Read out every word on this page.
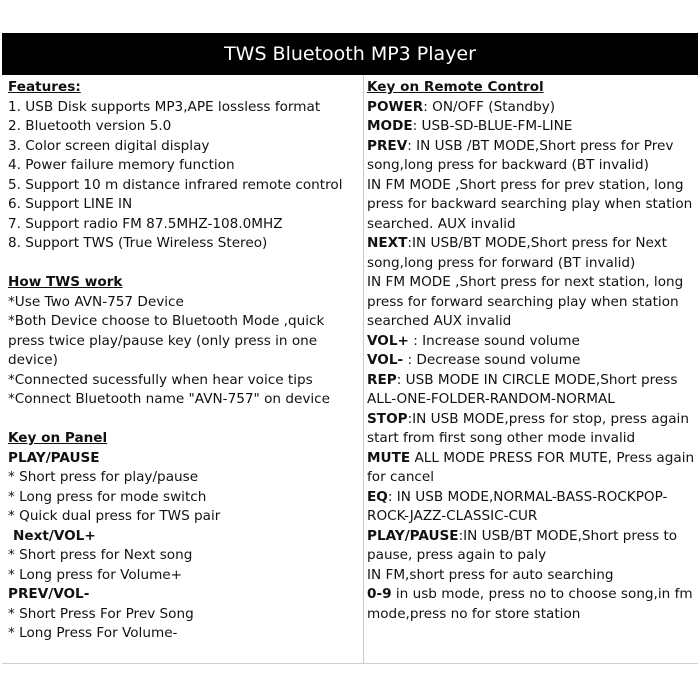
TWS Bluetooth MP3 Player
Features:
1. USB Disk supports MP3,APE lossless format
2. Bluetooth version 5.0
3. Color screen digital display
4. Power failure memory function
5. Support 10 m distance infrared remote control
6. Support LINE IN
7. Support radio FM 87.5MHZ-108.0MHZ
8. Support TWS (True Wireless Stereo)
How TWS work
*Use Two AVN-757 Device
*Both Device choose to Bluetooth Mode ,quick press twice play/pause key (only press in one device)
*Connected sucessfully when hear voice tips
*Connect Bluetooth name "AVN-757" on device
Key on Panel
PLAY/PAUSE
* Short press for play/pause
* Long press for mode switch
* Quick dual press for TWS pair
Next/VOL+
* Short press for Next song
* Long press for Volume+
PREV/VOL-
* Short Press For Prev Song
* Long Press For Volume-
Key on Remote Control
POWER: ON/OFF (Standby)
MODE: USB-SD-BLUE-FM-LINE
PREV: IN USB /BT MODE,Short press for Prev song,long press for backward (BT invalid)
IN FM MODE ,Short press for prev station, long press for backward searching play when station searched. AUX invalid
NEXT:IN USB/BT MODE,Short press for Next song,long press for forward (BT invalid)
IN FM MODE ,Short press for next station, long press for forward searching play when station
searched AUX invalid
VOL+ : Increase sound volume
VOL- : Decrease sound volume
REP: USB MODE IN CIRCLE MODE,Short press ALL-ONE-FOLDER-RANDOM-NORMAL
STOP:IN USB MODE,press for stop, press again start from first song other mode invalid
MUTE ALL MODE PRESS FOR MUTE, Press again for cancel
EQ: IN USB MODE,NORMAL-BASS-ROCKPOP-ROCK-JAZZ-CLASSIC-CUR
PLAY/PAUSE:IN USB/BT MODE,Short press to pause, press again to paly
IN FM,short press for auto searching
0-9 in usb mode, press no to choose song,in fm mode,press no for store station
